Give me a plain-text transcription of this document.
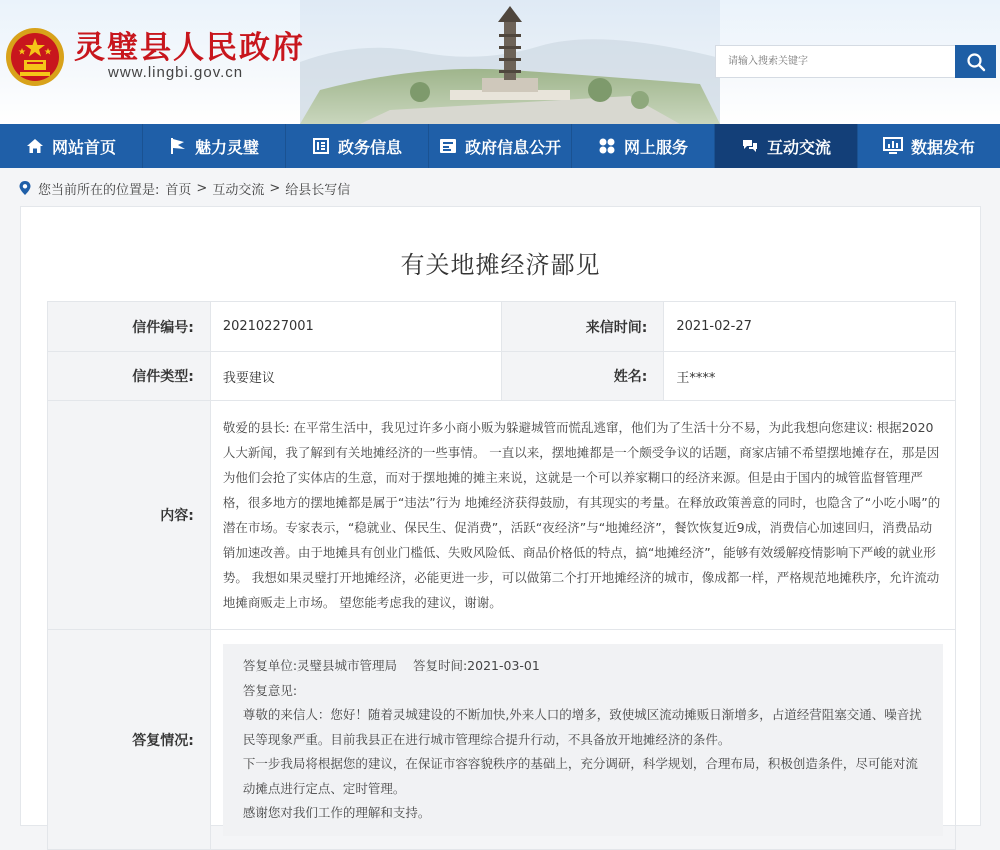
灵璧县人民政府
www.lingbi.gov.cn
请输入搜索关键字
网站首页	魅力灵璧	政务信息	政府信息公开	网上服务	互动交流	数据发布
您当前所在的位置是: 首页 > 互动交流 > 给县长写信
有关地摊经济鄙见
信件编号:	20210227001	来信时间:	2021-02-27
信件类型:	我要建议	姓名:	王****
内容:	敬爱的县长: 在平常生活中，我见过许多小商小贩为躲避城管而慌乱逃窜，他们为了生活十分不易，为此我想向您建议: 根据2020人大新闻，我了解到有关地摊经济的一些事情。 一直以来，摆地摊都是一个颇受争议的话题，商家店铺不希望摆地摊存在，那是因为他们会抢了实体店的生意，而对于摆地摊的摊主来说，这就是一个可以养家糊口的经济来源。但是由于国内的城管监督管理严格，很多地方的摆地摊都是属于“违法”行为 地摊经济获得鼓励，有其现实的考量。在释放政策善意的同时，也隐含了“小吃小喝”的潜在市场。专家表示，“稳就业、保民生、促消费”，活跃“夜经济”与“地摊经济”，餐饮恢复近9成，消费信心加速回归，消费品动销加速改善。由于地摊具有创业门槛低、失败风险低、商品价格低的特点，搞“地摊经济”，能够有效缓解疫情影响下严峻的就业形势。 我想如果灵璧打开地摊经济，必能更进一步，可以做第二个打开地摊经济的城市，像成都一样，严格规范地摊秩序，允许流动地摊商贩走上市场。 望您能考虑我的建议，谢谢。		
答复情况:	答复单位:灵璧县城市管理局 答复时间:2021-03-01

答复意见:

尊敬的来信人：您好！随着灵城建设的不断加快,外来人口的增多，致使城区流动摊贩日渐增多，占道经营阻塞交通、噪音扰民等现象严重。目前我县正在进行城市管理综合提升行动，不具备放开地摊经济的条件。

下一步我局将根据您的建议，在保证市容容貌秩序的基础上，充分调研，科学规划，合理布局，积极创造条件，尽可能对流动摊点进行定点、定时管理。

感谢您对我们工作的理解和支持。		
